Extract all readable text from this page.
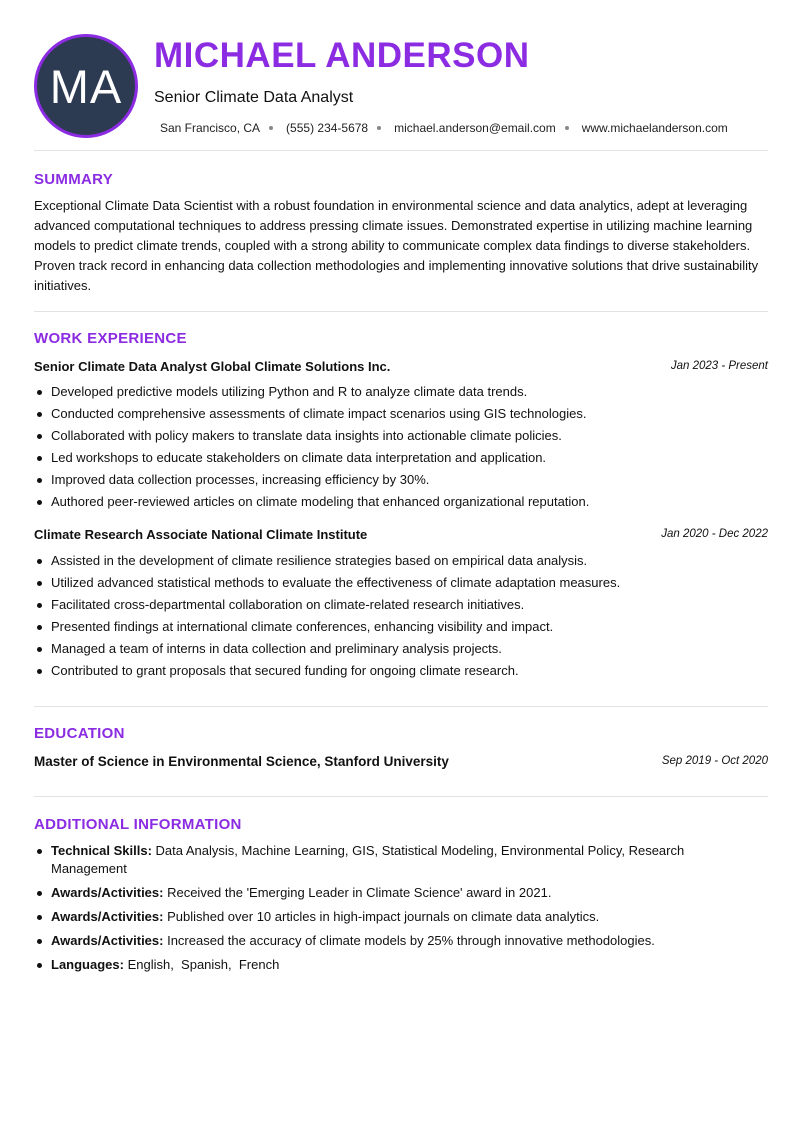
MA
MICHAEL ANDERSON
Senior Climate Data Analyst
San Francisco, CA (555) 234-5678 michael.anderson@email.com www.michaelanderson.com
SUMMARY

Exceptional Climate Data Scientist with a robust foundation in environmental science and data analytics, adept at leveraging advanced computational techniques to address pressing climate issues. Demonstrated expertise in utilizing machine learning models to predict climate trends, coupled with a strong ability to communicate complex data findings to diverse stakeholders. Proven track record in enhancing data collection methodologies and implementing innovative solutions that drive sustainability initiatives.

WORK EXPERIENCE
Senior Climate Data Analyst Global Climate Solutions Inc.	Jan 2023 - Present
Developed predictive models utilizing Python and R to analyze climate data trends.
Conducted comprehensive assessments of climate impact scenarios using GIS technologies.
Collaborated with policy makers to translate data insights into actionable climate policies.
Led workshops to educate stakeholders on climate data interpretation and application.
Improved data collection processes, increasing efficiency by 30%.
Authored peer-reviewed articles on climate modeling that enhanced organizational reputation.
Climate Research Associate National Climate Institute	Jan 2020 - Dec 2022
Assisted in the development of climate resilience strategies based on empirical data analysis.
Utilized advanced statistical methods to evaluate the effectiveness of climate adaptation measures.
Facilitated cross-departmental collaboration on climate-related research initiatives.
Presented findings at international climate conferences, enhancing visibility and impact.
Managed a team of interns in data collection and preliminary analysis projects.
Contributed to grant proposals that secured funding for ongoing climate research.
EDUCATION
Master of Science in Environmental Science, Stanford University	Sep 2019 - Oct 2020
ADDITIONAL INFORMATION
Technical Skills: Data Analysis, Machine Learning, GIS, Statistical Modeling, Environmental Policy, Research Management
Awards/Activities: Received the 'Emerging Leader in Climate Science' award in 2021.
Awards/Activities: Published over 10 articles in high-impact journals on climate data analytics.
Awards/Activities: Increased the accuracy of climate models by 25% through innovative methodologies.
Languages: English,  Spanish,  French
